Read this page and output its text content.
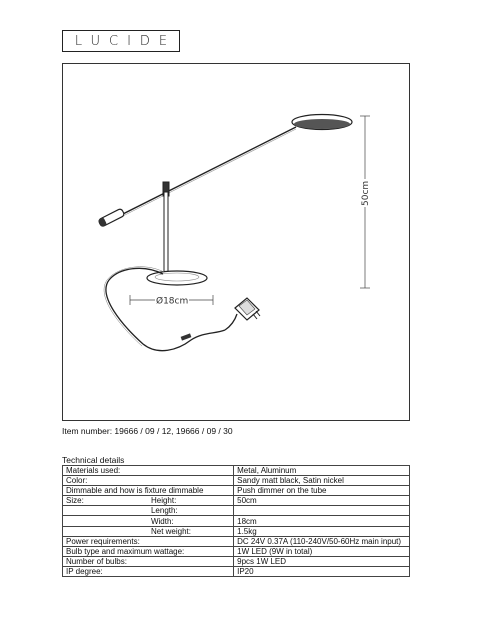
LUCIDE
Ø18cm
50cm
Item number: 19666 / 09 / 12, 19666 / 09 / 30
Technical details
Materials used:		Metal, Aluminum
Color:		Sandy matt black, Satin nickel
Dimmable and how is fixture dimmable		Push dimmer on the tube
Size:	Height:	50cm
	Length:	
	Width:	18cm
	Net weight:	1.5kg
Power requirements:		DC 24V 0.37A (110-240V/50-60Hz main input)
Bulb type and maximum wattage:		1W LED (9W in total)
Number of bulbs:		9pcs 1W LED
IP degree:		IP20
